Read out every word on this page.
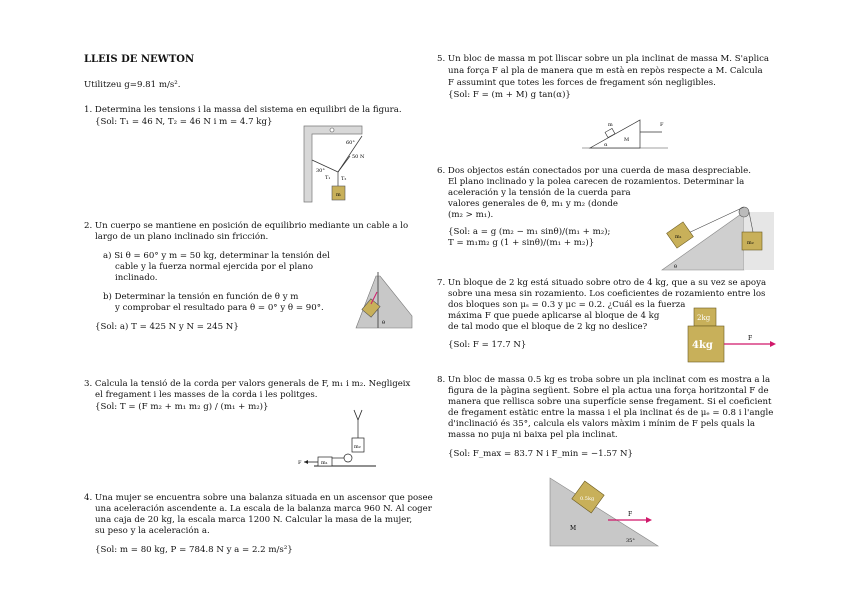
LLEIS DE NEWTON
Utilitzeu g=9.81 m/s².
1. Determina les tensions i la massa del sistema en equilibri de la figura.
{Sol: T₁ = 46 N, T₂ = 46 N i m = 4.7 kg}
30°
60°
50 N
T₁ T₂
m
2. Un cuerpo se mantiene en posición de equilibrio mediante un cable a lo
largo de un plano inclinado sin fricción.
a) Si θ = 60° y m = 50 kg, determinar la tensión del
cable y la fuerza normal ejercida por el plano
inclinado.
b) Determinar la tensión en función de θ y m
y comprobar el resultado para θ = 0° y θ = 90°.
{Sol: a) T = 425 N y N = 245 N}	θ
3. Calcula la tensió de la corda per valors generals de F, m₁ i m₂. Negligeix
el fregament i les masses de la corda i les politges.
{Sol: T = (F m₂ + m₁ m₂ g) / (m₁ + m₂)}
m₂
m₁
F
4. Una mujer se encuentra sobre una balanza situada en un ascensor que posee
una aceleración ascendente a. La escala de la balanza marca 960 N. Al coger
una caja de 20 kg, la escala marca 1200 N. Calcular la masa de la mujer,
su peso y la aceleración a.
{Sol: m = 80 kg, P = 784.8 N y a = 2.2 m/s²}
5. Un bloc de massa m pot lliscar sobre un pla inclinat de massa M. S'aplica
una força F al pla de manera que m està en repòs respecte a M. Calcula
F assumint que totes les forces de fregament són negligibles.
{Sol: F = (m + M) g tan(α)}
m
M
α
F
6. Dos objectos están conectados por una cuerda de masa despreciable.
El plano inclinado y la polea carecen de rozamientos. Determinar la
aceleración y la tensión de la cuerda para
valores generales de θ, m₁ y m₂ (donde
(m₂ > m₁).
{Sol: a = g (m₂ − m₁ sinθ)/(m₁ + m₂);
T = m₁m₂ g (1 + sinθ)/(m₁ + m₂)}
m₁
m₂
θ
7. Un bloque de 2 kg está situado sobre otro de 4 kg, que a su vez se apoya
sobre una mesa sin rozamiento. Los coeficientes de rozamiento entre los
dos bloques son μₛ = 0.3 y μc = 0.2. ¿Cuál es la fuerza
máxima F que puede aplicarse al bloque de 4 kg
de tal modo que el bloque de 2 kg no deslice?
{Sol: F = 17.7 N}
2kg
4kg
F
8. Un bloc de massa 0.5 kg es troba sobre un pla inclinat com es mostra a la
figura de la pàgina següent. Sobre el pla actua una força horitzontal F de
manera que rellisca sobre una superfície sense fregament. Si el coeficient
de fregament estàtic entre la massa i el pla inclinat és de μₑ = 0.8 i l'angle
d'inclinació és 35°, calcula els valors màxim i mínim de F pels quals la
massa no puja ni baixa pel pla inclinat.
{Sol: F_max = 83.7 N i F_min = −1.57 N}
0.5kg
M
F
35°
